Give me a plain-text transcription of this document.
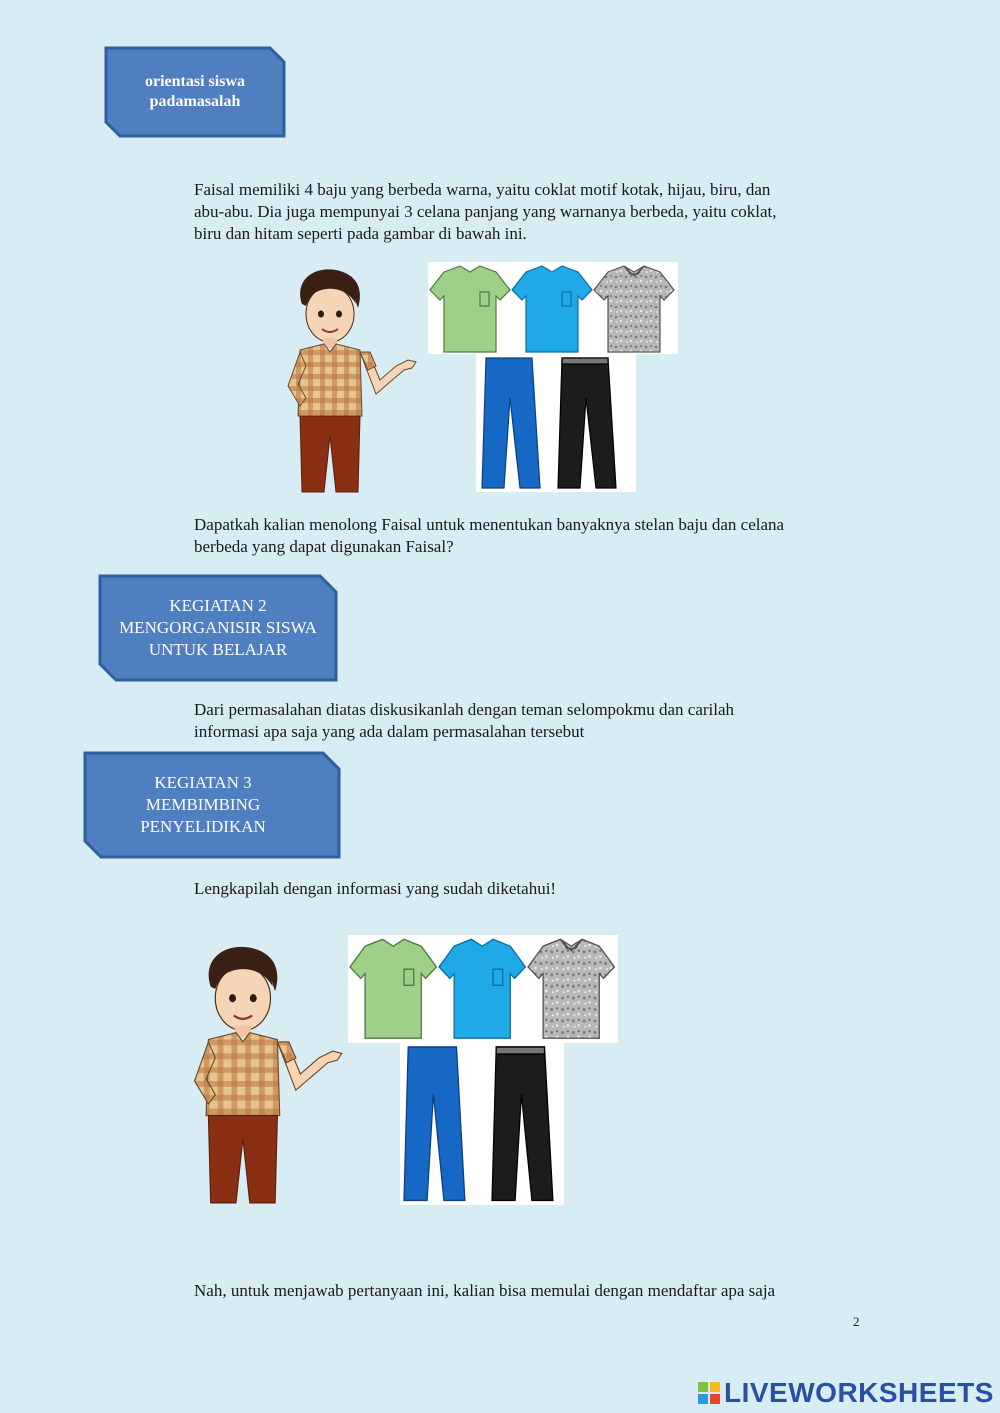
orientasi siswa
padamasalah
Faisal memiliki 4 baju yang berbeda warna, yaitu coklat motif kotak, hijau, biru, dan
abu-abu. Dia juga mempunyai 3 celana panjang yang warnanya berbeda, yaitu coklat,
biru dan hitam seperti pada gambar di bawah ini.
Dapatkah kalian menolong Faisal untuk menentukan banyaknya stelan baju dan celana
berbeda yang dapat digunakan Faisal?
KEGIATAN 2
MENGORGANISIR SISWA
UNTUK BELAJAR
Dari permasalahan diatas diskusikanlah dengan teman selompokmu dan carilah
informasi apa saja yang ada dalam permasalahan tersebut
KEGIATAN 3
MEMBIMBING
PENYELIDIKAN
Lengkapilah dengan informasi yang sudah diketahui!
Nah, untuk menjawab pertanyaan ini, kalian bisa memulai dengan mendaftar apa saja
2
LIVEWORKSHEETS
